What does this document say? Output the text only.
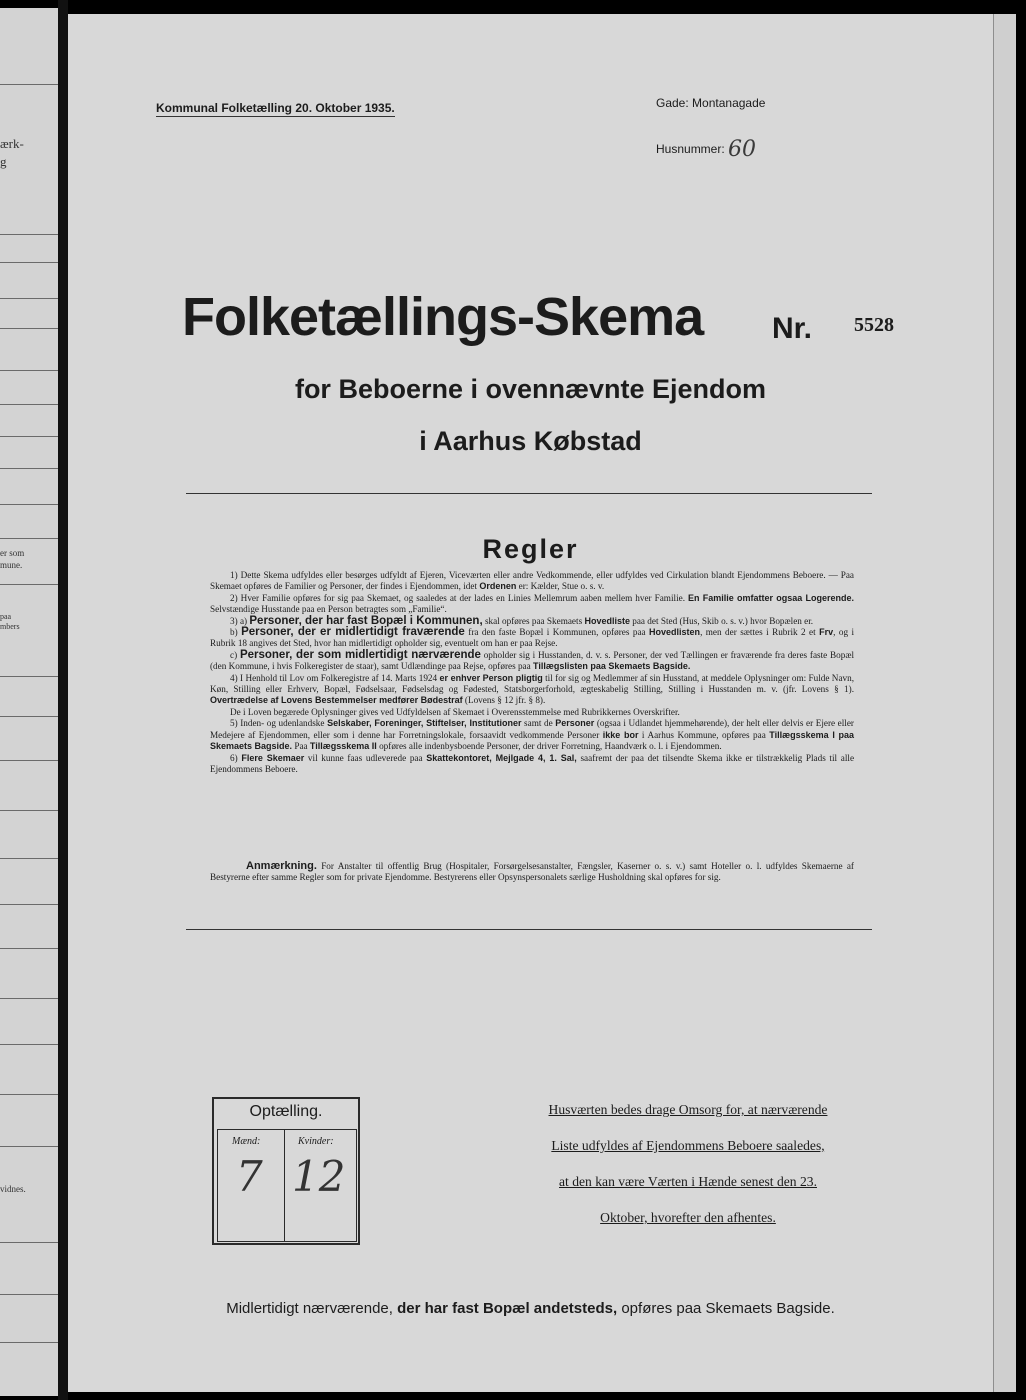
ærk-
g
er som
mune.
paa
mbers
vidnes.
Kommunal Folketælling 20. Oktober 1935.	Gade: Montanagade
Husnummer: 60
Folketællings-Skema Nr. 5528
for Beboerne i ovennævnte Ejendom
i Aarhus Købstad
Regler

1) Dette Skema udfyldes eller besørges udfyldt af Ejeren, Viceværten eller andre Vedkommende, eller udfyldes ved Cirkulation blandt Ejendommens Beboere. — Paa Skemaet opføres de Familier og Personer, der findes i Ejendommen, idet Ordenen er: Kælder, Stue o. s. v.

2) Hver Familie opføres for sig paa Skemaet, og saaledes at der lades en Linies Mellemrum aaben mellem hver Familie. En Familie omfatter ogsaa Logerende. Selvstændige Husstande paa en Person betragtes som „Familie“.

3) a) Personer, der har fast Bopæl i Kommunen, skal opføres paa Skemaets Hovedliste paa det Sted (Hus, Skib o. s. v.) hvor Bopælen er.

b) Personer, der er midlertidigt fraværende fra den faste Bopæl i Kommunen, opføres paa Hovedlisten, men der sættes i Rubrik 2 et Frv, og i Rubrik 18 angives det Sted, hvor han midlertidigt opholder sig, eventuelt om han er paa Rejse.

c) Personer, der som midlertidigt nærværende opholder sig i Husstanden, d. v. s. Personer, der ved Tællingen er fraværende fra deres faste Bopæl (den Kommune, i hvis Folkeregister de staar), samt Udlændinge paa Rejse, opføres paa Tillægslisten paa Skemaets Bagside.

4) I Henhold til Lov om Folkeregistre af 14. Marts 1924 er enhver Person pligtig til for sig og Medlemmer af sin Husstand, at meddele Oplysninger om: Fulde Navn, Køn, Stilling eller Erhverv, Bopæl, Fødselsaar, Fødselsdag og Fødested, Statsborgerforhold, ægteskabelig Stilling, Stilling i Husstanden m. v. (jfr. Lovens § 1). Overtrædelse af Lovens Bestemmelser medfører Bødestraf (Lovens § 12 jfr. § 8).

De i Loven begærede Oplysninger gives ved Udfyldelsen af Skemaet i Overensstemmelse med Rubrikkernes Overskrifter.

5) Inden- og udenlandske Selskaber, Foreninger, Stiftelser, Institutioner samt de Personer (ogsaa i Udlandet hjemmehørende), der helt eller delvis er Ejere eller Medejere af Ejendommen, eller som i denne har Forretningslokale, forsaavidt vedkommende Personer ikke bor i Aarhus Kommune, opføres paa Tillægsskema I paa Skemaets Bagside. Paa Tillægsskema II opføres alle indenbysboende Personer, der driver Forretning, Haandværk o. l. i Ejendommen.

6) Flere Skemaer vil kunne faas udleverede paa Skattekontoret, Mejlgade 4, 1. Sal, saafremt der paa det tilsendte Skema ikke er tilstrækkelig Plads til alle Ejendommens Beboere.

Anmærkning. For Anstalter til offentlig Brug (Hospitaler, Forsørgelsesanstalter, Fængsler, Kaserner o. s. v.) samt Hoteller o. l. udfyldes Skemaerne af Bestyrerne efter samme Regler som for private Ejendomme. Bestyrerens eller Opsynspersonalets særlige Husholdning skal opføres for sig.

Optælling.
Mænd:	Kvinder:
7 12
Husværten bedes drage Omsorg for, at nærværende
Liste udfyldes af Ejendommens Beboere saaledes,
at den kan være Værten i Hænde senest den 23.
Oktober, hvorefter den afhentes.
Midlertidigt nærværende, der har fast Bopæl andetsteds, opføres paa Skemaets Bagside.
